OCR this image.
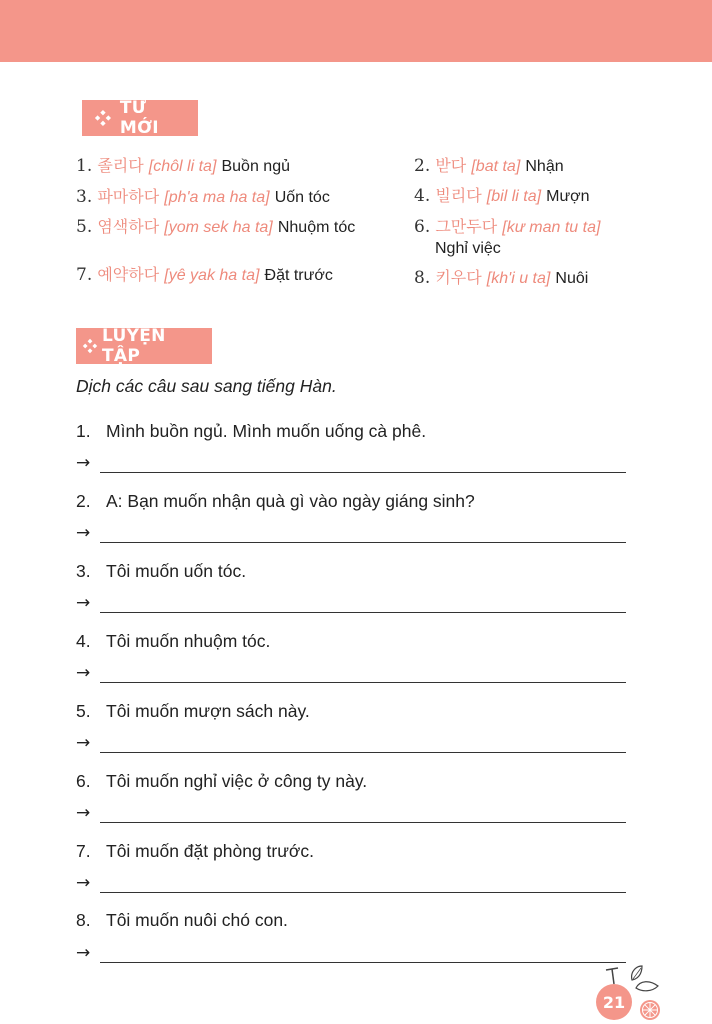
TỪ MỚI
1. 졸리다 [chôl li ta] Buồn ngủ	2. 받다 [bat ta] Nhận
3. 파마하다 [ph'a ma ha ta] Uốn tóc	4. 빌리다 [bil li ta] Mượn
5. 염색하다 [yom sek ha ta] Nhuộm tóc	6. 그만두다 [kư man tu ta]
Nghỉ việc
7. 예약하다 [yê yak ha ta] Đặt trước	8. 키우다 [kh'i u ta] Nuôi
LUYỆN TẬP
Dịch các câu sau sang tiếng Hàn.
1. Mình buồn ngủ. Mình muốn uống cà phê.
→
2. A: Bạn muốn nhận quà gì vào ngày giáng sinh?
→
3. Tôi muốn uốn tóc.
→
4. Tôi muốn nhuộm tóc.
→
5. Tôi muốn mượn sách này.
→
6. Tôi muốn nghỉ việc ở công ty này.
→
7. Tôi muốn đặt phòng trước.
→
8. Tôi muốn nuôi chó con.
→
21
